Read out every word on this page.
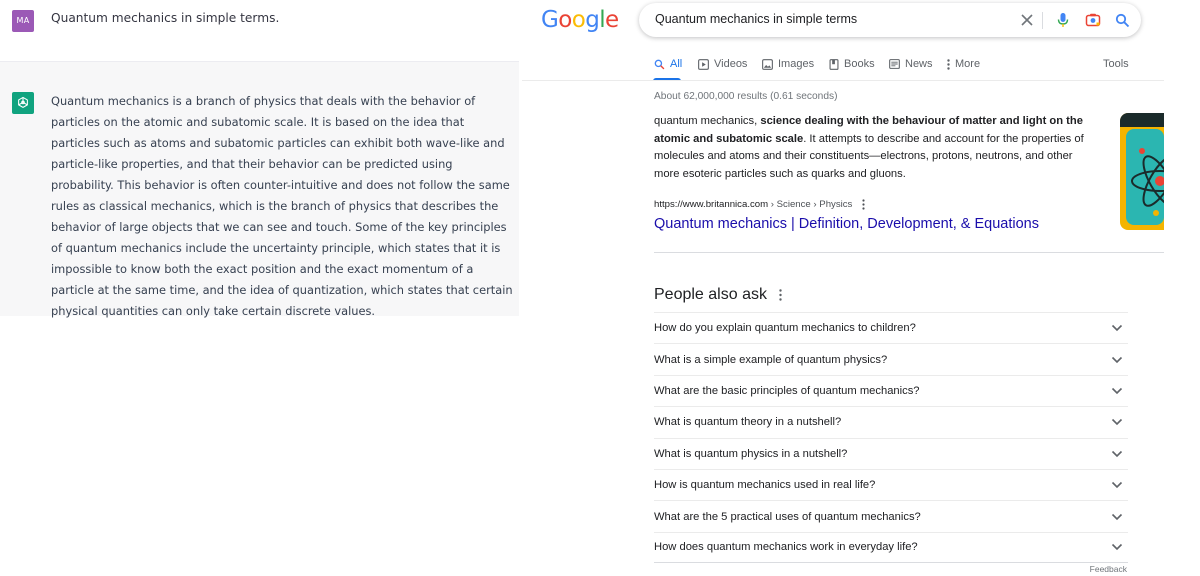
MA	Quantum mechanics in simple terms.

Quantum mechanics is a branch of physics that deals with the behavior of particles on the atomic and subatomic scale. It is based on the idea that particles such as atoms and subatomic particles can exhibit both wave-like and particle-like properties, and that their behavior can be predicted using probability. This behavior is often counter-intuitive and does not follow the same rules as classical mechanics, which is the branch of physics that describes the behavior of large objects that we can see and touch. Some of the key principles of quantum mechanics include the uncertainty principle, which states that it is impossible to know both the exact position and the exact momentum of a particle at the same time, and the idea of quantization, which states that certain physical quantities can only take certain discrete values.

Google	Quantum mechanics in simple terms
All	Videos	Images	Books	News More	Tools
About 62,000,000 results (0.61 seconds)

quantum mechanics, science dealing with the behaviour of matter and light on the atomic and subatomic scale. It attempts to describe and account for the properties of molecules and atoms and their constituents—electrons, protons, neutrons, and other more esoteric particles such as quarks and gluons.

https://www.britannica.com › Science › Physics
Quantum mechanics | Definition, Development, & Equations
People also ask
How do you explain quantum mechanics to children?
What is a simple example of quantum physics?
What are the basic principles of quantum mechanics?
What is quantum theory in a nutshell?
What is quantum physics in a nutshell?
How is quantum mechanics used in real life?
What are the 5 practical uses of quantum mechanics?
How does quantum mechanics work in everyday life?
Feedback
